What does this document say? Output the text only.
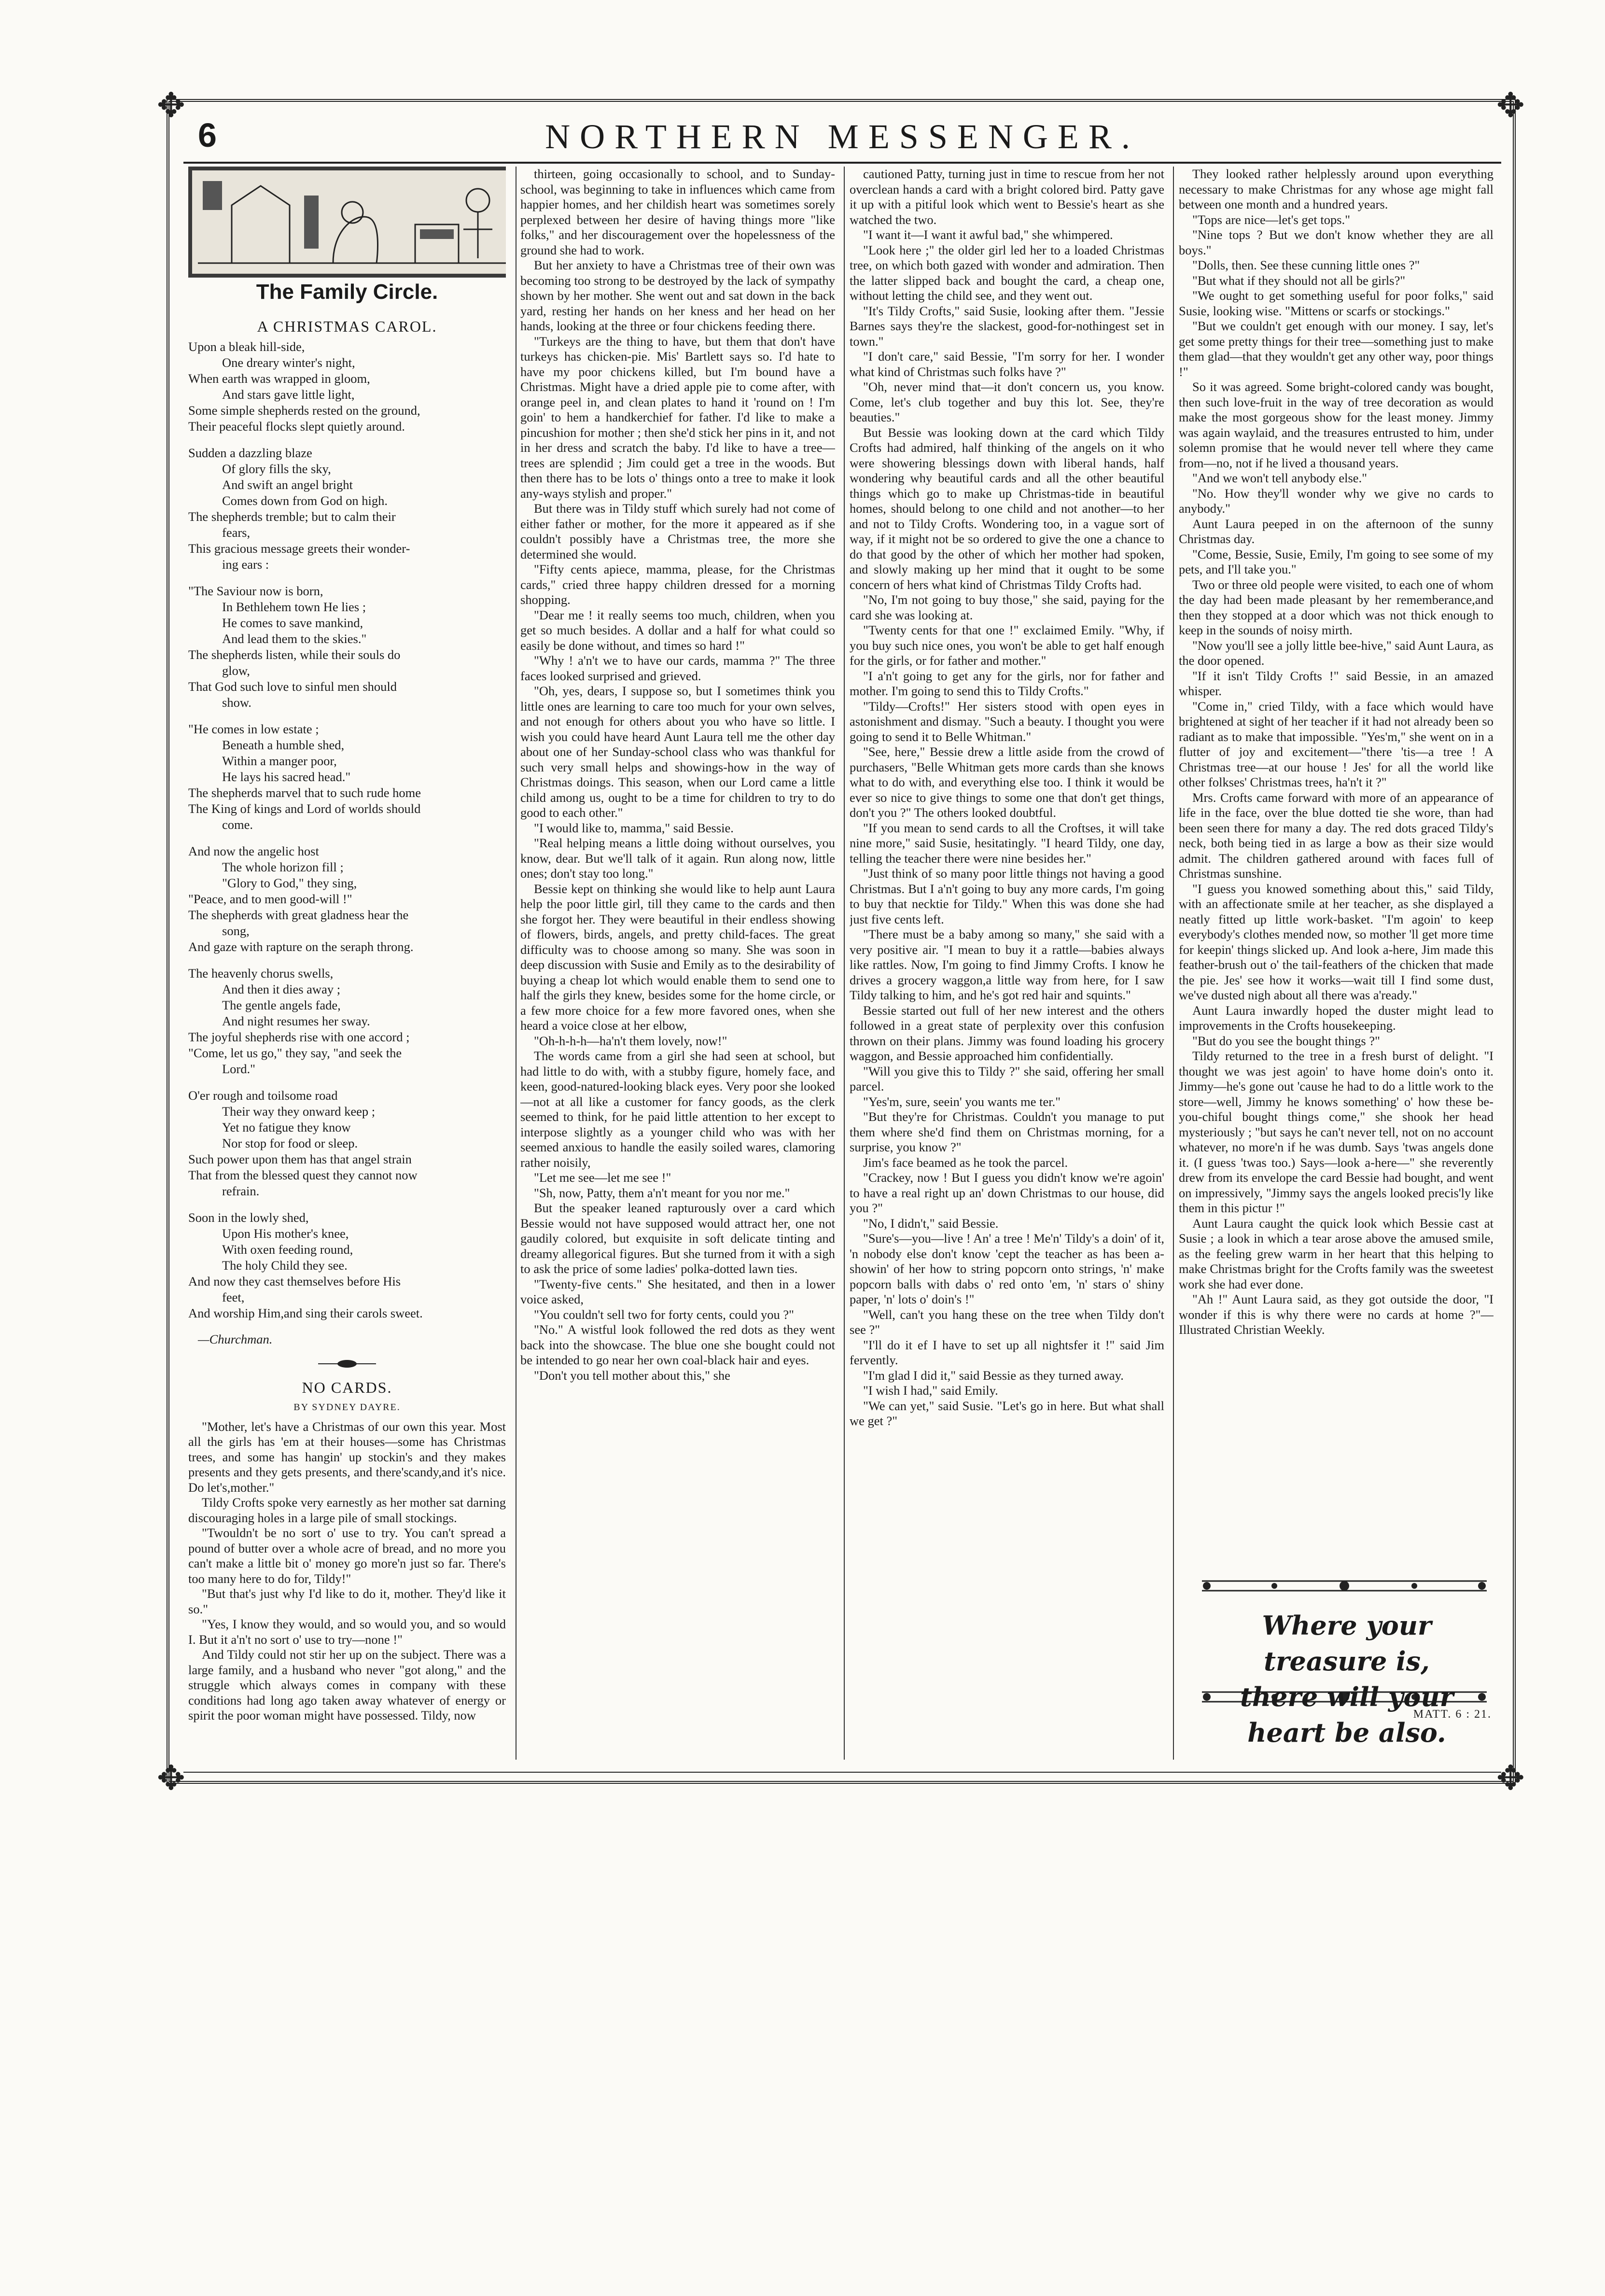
✥	✥
✥	✥
6	NORTHERN MESSENGER.
The Family Circle.
A CHRISTMAS CAROL.
Upon a bleak hill-side,
One dreary winter's night,
When earth was wrapped in gloom,
And stars gave little light,
Some simple shepherds rested on the ground,
Their peaceful flocks slept quietly around.
Sudden a dazzling blaze
Of glory fills the sky,
And swift an angel bright
Comes down from God on high.
The shepherds tremble; but to calm their
fears,
This gracious message greets their wonder-
ing ears :
"The Saviour now is born,
In Bethlehem town He lies ;
He comes to save mankind,
And lead them to the skies."
The shepherds listen, while their souls do
glow,
That God such love to sinful men should
show.
"He comes in low estate ;
Beneath a humble shed,
Within a manger poor,
He lays his sacred head."
The shepherds marvel that to such rude home
The King of kings and Lord of worlds should
come.
And now the angelic host
The whole horizon fill ;
"Glory to God," they sing,
"Peace, and to men good-will !"
The shepherds with great gladness hear the
song,
And gaze with rapture on the seraph throng.
The heavenly chorus swells,
And then it dies away ;
The gentle angels fade,
And night resumes her sway.
The joyful shepherds rise with one accord ;
"Come, let us go," they say, "and seek the
Lord."
O'er rough and toilsome road
Their way they onward keep ;
Yet no fatigue they know
Nor stop for food or sleep.
Such power upon them has that angel strain
That from the blessed quest they cannot now
refrain.
Soon in the lowly shed,
Upon His mother's knee,
With oxen feeding round,
The holy Child they see.
And now they cast themselves before His
feet,
And worship Him,and sing their carols sweet.
—Churchman.
NO CARDS.
BY SYDNEY DAYRE.

"Mother, let's have a Christmas of our own this year. Most all the girls has 'em at their houses—some has Christmas trees, and some has hangin' up stockin's and they makes presents and they gets presents, and there'scandy,and it's nice. Do let's,mother."

Tildy Crofts spoke very earnestly as her mother sat darning discouraging holes in a large pile of small stockings.

"Twouldn't be no sort o' use to try. You can't spread a pound of butter over a whole acre of bread, and no more you can't make a little bit o' money go more'n just so far. There's too many here to do for, Tildy!"

"But that's just why I'd like to do it, mother. They'd like it so."

"Yes, I know they would, and so would you, and so would I. But it a'n't no sort o' use to try—none !"

And Tildy could not stir her up on the subject. There was a large family, and a husband who never "got along," and the struggle which always comes in company with these conditions had long ago taken away whatever of energy or spirit the poor woman might have possessed. Tildy, now

thirteen, going occasionally to school, and to Sunday-school, was beginning to take in influences which came from happier homes, and her childish heart was sometimes sorely perplexed between her desire of having things more "like folks," and her discouragement over the hopelessness of the ground she had to work.

But her anxiety to have a Christmas tree of their own was becoming too strong to be destroyed by the lack of sympathy shown by her mother. She went out and sat down in the back yard, resting her hands on her kness and her head on her hands, looking at the three or four chickens feeding there.

"Turkeys are the thing to have, but them that don't have turkeys has chicken-pie. Mis' Bartlett says so. I'd hate to have my poor chickens killed, but I'm bound have a Christmas. Might have a dried apple pie to come after, with orange peel in, and clean plates to hand it 'round on ! I'm goin' to hem a handkerchief for father. I'd like to make a pincushion for mother ; then she'd stick her pins in it, and not in her dress and scratch the baby. I'd like to have a tree—trees are splendid ; Jim could get a tree in the woods. But then there has to be lots o' things onto a tree to make it look any-ways stylish and proper."

But there was in Tildy stuff which surely had not come of either father or mother, for the more it appeared as if she couldn't possibly have a Christmas tree, the more she determined she would.

"Fifty cents apiece, mamma, please, for the Christmas cards," cried three happy children dressed for a morning shopping.

"Dear me ! it really seems too much, children, when you get so much besides. A dollar and a half for what could so easily be done without, and times so hard !"

"Why ! a'n't we to have our cards, mamma ?" The three faces looked surprised and grieved.

"Oh, yes, dears, I suppose so, but I sometimes think you little ones are learning to care too much for your own selves, and not enough for others about you who have so little. I wish you could have heard Aunt Laura tell me the other day about one of her Sunday-school class who was thankful for such very small helps and showings-how in the way of Christmas doings. This season, when our Lord came a little child among us, ought to be a time for children to try to do good to each other."

"I would like to, mamma," said Bessie.

"Real helping means a little doing without ourselves, you know, dear. But we'll talk of it again. Run along now, little ones; don't stay too long."

Bessie kept on thinking she would like to help aunt Laura help the poor little girl, till they came to the cards and then she forgot her. They were beautiful in their endless showing of flowers, birds, angels, and pretty child-faces. The great difficulty was to choose among so many. She was soon in deep discussion with Susie and Emily as to the desirability of buying a cheap lot which would enable them to send one to half the girls they knew, besides some for the home circle, or a few more choice for a few more favored ones, when she heard a voice close at her elbow,

"Oh-h-h-h—ha'n't them lovely, now!"

The words came from a girl she had seen at school, but had little to do with, with a stubby figure, homely face, and keen, good-natured-looking black eyes. Very poor she looked—not at all like a customer for fancy goods, as the clerk seemed to think, for he paid little attention to her except to interpose slightly as a younger child who was with her seemed anxious to handle the easily soiled wares, clamoring rather noisily,

"Let me see—let me see !"

"Sh, now, Patty, them a'n't meant for you nor me."

But the speaker leaned rapturously over a card which Bessie would not have supposed would attract her, one not gaudily colored, but exquisite in soft delicate tinting and dreamy allegorical figures. But she turned from it with a sigh to ask the price of some ladies' polka-dotted lawn ties.

"Twenty-five cents." She hesitated, and then in a lower voice asked,

"You couldn't sell two for forty cents, could you ?"

"No." A wistful look followed the red dots as they went back into the showcase. The blue one she bought could not be intended to go near her own coal-black hair and eyes.

"Don't you tell mother about this," she

cautioned Patty, turning just in time to rescue from her not overclean hands a card with a bright colored bird. Patty gave it up with a pitiful look which went to Bessie's heart as she watched the two.

"I want it—I want it awful bad," she whimpered.

"Look here ;" the older girl led her to a loaded Christmas tree, on which both gazed with wonder and admiration. Then the latter slipped back and bought the card, a cheap one, without letting the child see, and they went out.

"It's Tildy Crofts," said Susie, looking after them. "Jessie Barnes says they're the slackest, good-for-nothingest set in town."

"I don't care," said Bessie, "I'm sorry for her. I wonder what kind of Christmas such folks have ?"

"Oh, never mind that—it don't concern us, you know. Come, let's club together and buy this lot. See, they're beauties."

But Bessie was looking down at the card which Tildy Crofts had admired, half thinking of the angels on it who were showering blessings down with liberal hands, half wondering why beautiful cards and all the other beautiful things which go to make up Christmas-tide in beautiful homes, should belong to one child and not another—to her and not to Tildy Crofts. Wondering too, in a vague sort of way, if it might not be so ordered to give the one a chance to do that good by the other of which her mother had spoken, and slowly making up her mind that it ought to be some concern of hers what kind of Christmas Tildy Crofts had.

"No, I'm not going to buy those," she said, paying for the card she was looking at.

"Twenty cents for that one !" exclaimed Emily. "Why, if you buy such nice ones, you won't be able to get half enough for the girls, or for father and mother."

"I a'n't going to get any for the girls, nor for father and mother. I'm going to send this to Tildy Crofts."

"Tildy—Crofts!" Her sisters stood with open eyes in astonishment and dismay. "Such a beauty. I thought you were going to send it to Belle Whitman."

"See, here," Bessie drew a little aside from the crowd of purchasers, "Belle Whitman gets more cards than she knows what to do with, and everything else too. I think it would be ever so nice to give things to some one that don't get things, don't you ?" The others looked doubtful.

"If you mean to send cards to all the Croftses, it will take nine more," said Susie, hesitatingly. "I heard Tildy, one day, telling the teacher there were nine besides her."

"Just think of so many poor little things not having a good Christmas. But I a'n't going to buy any more cards, I'm going to buy that necktie for Tildy." When this was done she had just five cents left.

"There must be a baby among so many," she said with a very positive air. "I mean to buy it a rattle—babies always like rattles. Now, I'm going to find Jimmy Crofts. I know he drives a grocery waggon,a little way from here, for I saw Tildy talking to him, and he's got red hair and squints."

Bessie started out full of her new interest and the others followed in a great state of perplexity over this confusion thrown on their plans. Jimmy was found loading his grocery waggon, and Bessie approached him confidentially.

"Will you give this to Tildy ?" she said, offering her small parcel.

"Yes'm, sure, seein' you wants me ter."

"But they're for Christmas. Couldn't you manage to put them where she'd find them on Christmas morning, for a surprise, you know ?"

Jim's face beamed as he took the parcel.

"Crackey, now ! But I guess you didn't know we're agoin' to have a real right up an' down Christmas to our house, did you ?"

"No, I didn't," said Bessie.

"Sure's—you—live ! An' a tree ! Me'n' Tildy's a doin' of it, 'n nobody else don't know 'cept the teacher as has been a-showin' of her how to string popcorn onto strings, 'n' make popcorn balls with dabs o' red onto 'em, 'n' stars o' shiny paper, 'n' lots o' doin's !"

"Well, can't you hang these on the tree when Tildy don't see ?"

"I'll do it ef I have to set up all nightsfer it !" said Jim fervently.

"I'm glad I did it," said Bessie as they turned away.

"I wish I had," said Emily.

"We can yet," said Susie. "Let's go in here. But what shall we get ?"

They looked rather helplessly around upon everything necessary to make Christmas for any whose age might fall between one month and a hundred years.

"Tops are nice—let's get tops."

"Nine tops ? But we don't know whether they are all boys."

"Dolls, then. See these cunning little ones ?"

"But what if they should not all be girls?"

"We ought to get something useful for poor folks," said Susie, looking wise. "Mittens or scarfs or stockings."

"But we couldn't get enough with our money. I say, let's get some pretty things for their tree—something just to make them glad—that they wouldn't get any other way, poor things !"

So it was agreed. Some bright-colored candy was bought, then such love-fruit in the way of tree decoration as would make the most gorgeous show for the least money. Jimmy was again waylaid, and the treasures entrusted to him, under solemn promise that he would never tell where they came from—no, not if he lived a thousand years.

"And we won't tell anybody else."

"No. How they'll wonder why we give no cards to anybody."

Aunt Laura peeped in on the afternoon of the sunny Christmas day.

"Come, Bessie, Susie, Emily, I'm going to see some of my pets, and I'll take you."

Two or three old people were visited, to each one of whom the day had been made pleasant by her rememberance,and then they stopped at a door which was not thick enough to keep in the sounds of noisy mirth.

"Now you'll see a jolly little bee-hive," said Aunt Laura, as the door opened.

"If it isn't Tildy Crofts !" said Bessie, in an amazed whisper.

"Come in," cried Tildy, with a face which would have brightened at sight of her teacher if it had not already been so radiant as to make that impossible. "Yes'm," she went on in a flutter of joy and excitement—"there 'tis—a tree ! A Christmas tree—at our house ! Jes' for all the world like other folkses' Christmas trees, ha'n't it ?"

Mrs. Crofts came forward with more of an appearance of life in the face, over the blue dotted tie she wore, than had been seen there for many a day. The red dots graced Tildy's neck, both being tied in as large a bow as their size would admit. The children gathered around with faces full of Christmas sunshine.

"I guess you knowed something about this," said Tildy, with an affectionate smile at her teacher, as she displayed a neatly fitted up little work-basket. "I'm agoin' to keep everybody's clothes mended now, so mother 'll get more time for keepin' things slicked up. And look a-here, Jim made this feather-brush out o' the tail-feathers of the chicken that made the pie. Jes' see how it works—wait till I find some dust, we've dusted nigh about all there was a'ready."

Aunt Laura inwardly hoped the duster might lead to improvements in the Crofts housekeeping.

"But do you see the bought things ?"

Tildy returned to the tree in a fresh burst of delight. "I thought we was jest agoin' to have home doin's onto it. Jimmy—he's gone out 'cause he had to do a little work to the store—well, Jimmy he knows something' o' how these be-you-chiful bought things come," she shook her head mysteriously ; "but says he can't never tell, not on no account whatever, no more'n if he was dumb. Says 'twas angels done it. (I guess 'twas too.) Says—look a-here—" she reverently drew from its envelope the card Bessie had bought, and went on impressively, "Jimmy says the angels looked precis'ly like them in this pictur !"

Aunt Laura caught the quick look which Bessie cast at Susie ; a look in which a tear arose above the amused smile, as the feeling grew warm in her heart that this helping to make Christmas bright for the Crofts family was the sweetest work she had ever done.

"Ah !" Aunt Laura said, as they got outside the door, "I wonder if this is why there were no cards at home ?"—Illustrated Christian Weekly.

Where your treasure is,
there will your heart be also.
MATT. 6 : 21.
